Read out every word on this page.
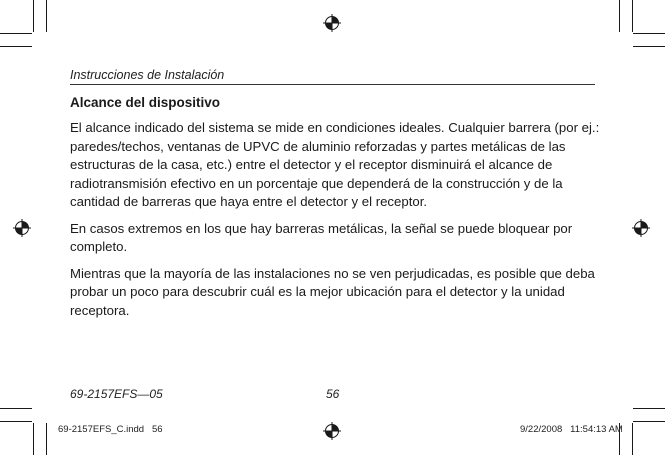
Instrucciones de Instalación

Alcance del dispositivo

El alcance indicado del sistema se mide en condiciones ideales. Cualquier barrera (por ej.: paredes/techos, ventanas de UPVC de aluminio reforzadas y partes metálicas de las estructuras de la casa, etc.) entre el detector y el receptor disminuirá el alcance de radiotransmisión efectivo en un porcentaje que dependerá de la construcción y de la cantidad de barreras que haya entre el detector y el receptor.

En casos extremos en los que hay barreras metálicas, la señal se puede bloquear por completo.

Mientras que la mayoría de las instalaciones no se ven perjudicadas, es posible que deba probar un poco para descubrir cuál es la mejor ubicación para el detector y la unidad receptora.

69-2157EFS—05	56
69-2157EFS_C.indd   56	9/22/2008   11:54:13 AM
